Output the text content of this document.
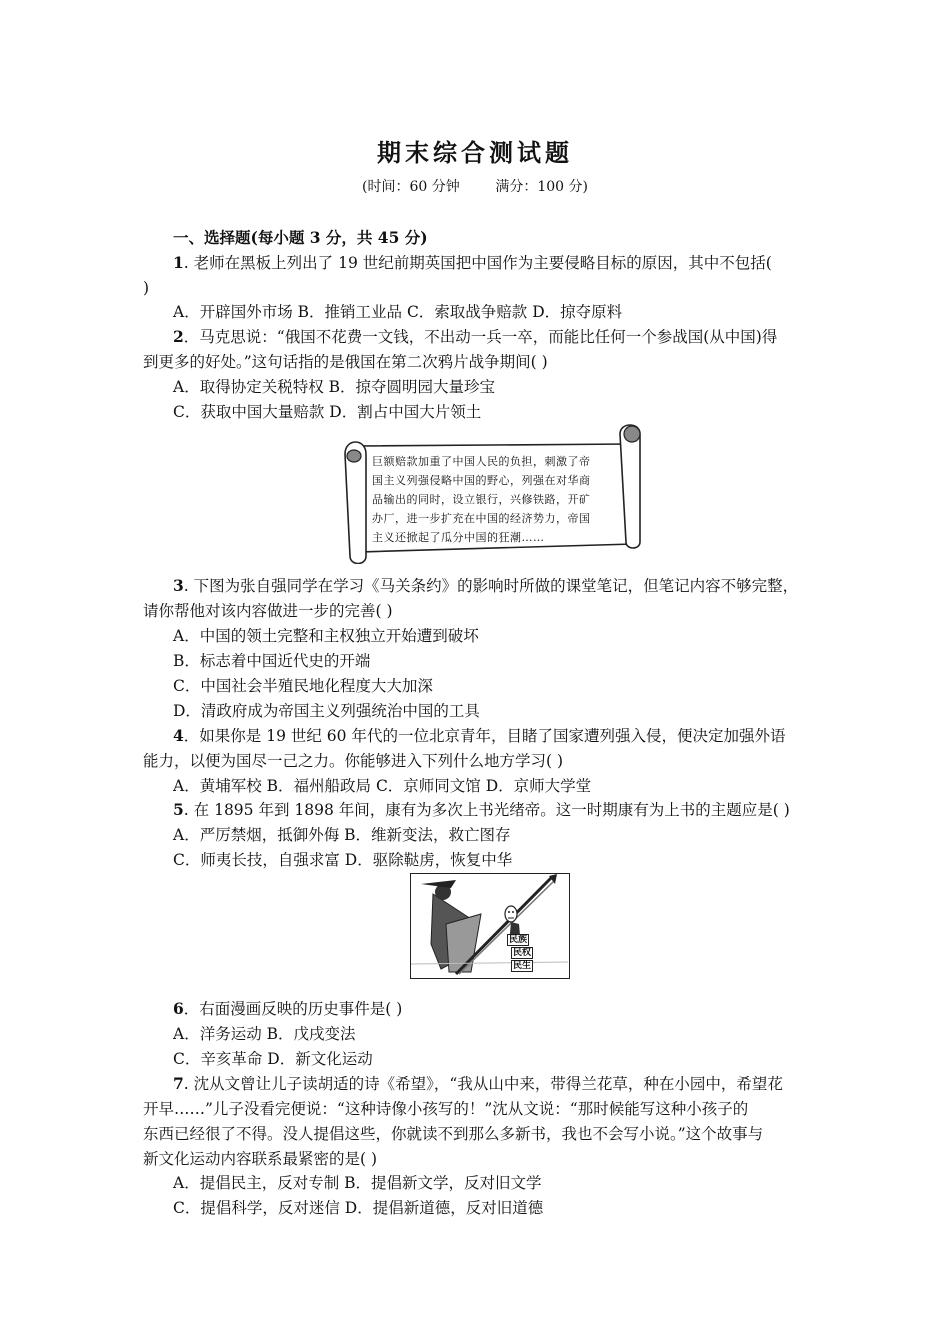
期末综合测试题
(时间：60 分钟        满分：100 分)
一、选择题(每小题 3 分，共 45 分)
1. 老师在黑板上列出了 19 世纪前期英国把中国作为主要侵略目标的原因，其中不包括(
)
A．开辟国外市场 B．推销工业品 C．索取战争赔款 D．掠夺原料
2．马克思说：“俄国不花费一文钱，不出动一兵一卒，而能比任何一个参战国(从中国)得
到更多的好处。”这句话指的是俄国在第二次鸦片战争期间( )
A．取得协定关税特权 B．掠夺圆明园大量珍宝
C．获取中国大量赔款 D．割占中国大片领土
巨额赔款加重了中国人民的负担，刺激了帝
国主义列强侵略中国的野心，列强在对华商
品输出的同时，设立银行，兴修铁路，开矿
办厂，进一步扩充在中国的经济势力，帝国
主义还掀起了瓜分中国的狂潮……
3. 下图为张自强同学在学习《马关条约》的影响时所做的课堂笔记，但笔记内容不够完整，
请你帮他对该内容做进一步的完善( )
A．中国的领土完整和主权独立开始遭到破坏
B．标志着中国近代史的开端
C．中国社会半殖民地化程度大大加深
D．清政府成为帝国主义列强统治中国的工具
4．如果你是 19 世纪 60 年代的一位北京青年，目睹了国家遭列强入侵，便决定加强外语
能力，以便为国尽一己之力。你能够进入下列什么地方学习( )
A．黄埔军校 B．福州船政局 C．京师同文馆 D．京师大学堂
5. 在 1895 年到 1898 年间，康有为多次上书光绪帝。这一时期康有为上书的主题应是( )
A．严厉禁烟，抵御外侮 B．维新变法，救亡图存
C．师夷长技，自强求富 D．驱除鞑虏，恢复中华
民族
民权
民生
6．右面漫画反映的历史事件是( )
A．洋务运动 B．戊戌变法
C．辛亥革命 D．新文化运动
7. 沈从文曾让儿子读胡适的诗《希望》，“我从山中来，带得兰花草，种在小园中，希望花
开早……”儿子没看完便说：“这种诗像小孩写的！”沈从文说：“那时候能写这种小孩子的
东西已经很了不得。没人提倡这些，你就读不到那么多新书，我也不会写小说。”这个故事与
新文化运动内容联系最紧密的是( )
A．提倡民主，反对专制 B．提倡新文学，反对旧文学
C．提倡科学，反对迷信 D．提倡新道德，反对旧道德
